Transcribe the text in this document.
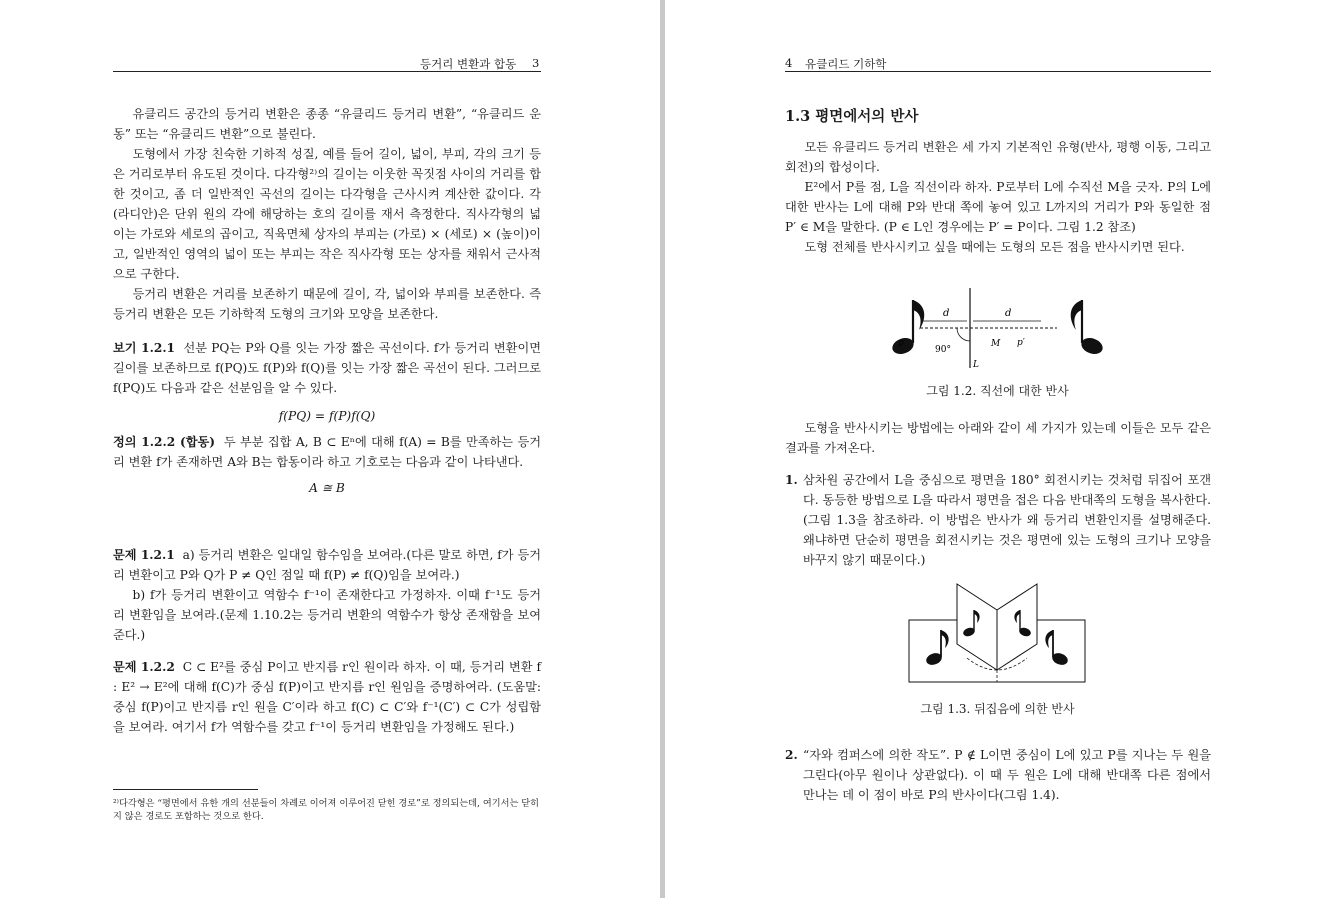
등거리 변환과 합동 3

유클리드 공간의 등거리 변환은 종종 “유클리드 등거리 변환”, “유클리드 운동” 또는 “유클리드 변환”으로 불린다.

도형에서 가장 친숙한 기하적 성질, 예를 들어 길이, 넓이, 부피, 각의 크기 등은 거리로부터 유도된 것이다. 다각형²⁾의 길이는 이웃한 꼭짓점 사이의 거리를 합한 것이고, 좀 더 일반적인 곡선의 길이는 다각형을 근사시켜 계산한 값이다. 각(라디안)은 단위 원의 각에 해당하는 호의 길이를 재서 측정한다. 직사각형의 넓이는 가로와 세로의 곱이고, 직육면체 상자의 부피는 (가로) × (세로) × (높이)이고, 일반적인 영역의 넓이 또는 부피는 작은 직사각형 또는 상자를 채워서 근사적으로 구한다.

등거리 변환은 거리를 보존하기 때문에 길이, 각, 넓이와 부피를 보존한다. 즉 등거리 변환은 모든 기하학적 도형의 크기와 모양을 보존한다.

보기 1.2.1 선분 PQ는 P와 Q를 잇는 가장 짧은 곡선이다. f가 등거리 변환이면 길이를 보존하므로 f(PQ)도 f(P)와 f(Q)를 잇는 가장 짧은 곡선이 된다. 그러므로 f(PQ)도 다음과 같은 선분임을 알 수 있다.

f(PQ) = f(P)f(Q)

정의 1.2.2 (합동) 두 부분 집합 A, B ⊂ Eⁿ에 대해 f(A) = B를 만족하는 등거리 변환 f가 존재하면 A와 B는 합동이라 하고 기호로는 다음과 같이 나타낸다.

A ≅ B

문제 1.2.1 a) 등거리 변환은 일대일 함수임을 보여라.(다른 말로 하면, f가 등거리 변환이고 P와 Q가 P ≠ Q인 점일 때 f(P) ≠ f(Q)임을 보여라.)

b) f가 등거리 변환이고 역함수 f⁻¹이 존재한다고 가정하자. 이때 f⁻¹도 등거리 변환임을 보여라.(문제 1.10.2는 등거리 변환의 역함수가 항상 존재함을 보여준다.)

문제 1.2.2 C ⊂ E²를 중심 P이고 반지름 r인 원이라 하자. 이 때, 등거리 변환 f : E² → E²에 대해 f(C)가 중심 f(P)이고 반지름 r인 원임을 증명하여라. (도움말: 중심 f(P)이고 반지름 r인 원을 C′이라 하고 f(C) ⊂ C′와 f⁻¹(C′) ⊂ C가 성립함을 보여라. 여기서 f가 역함수를 갖고 f⁻¹이 등거리 변환임을 가정해도 된다.)

²⁾다각형은 “평면에서 유한 개의 선분들이 차례로 이어져 이루어진 닫힌 경로”로 정의되는데, 여기서는 닫히지 않은 경로도 포함하는 것으로 한다.
4 유클리드 기하학
1.3 평면에서의 반사

모든 유클리드 등거리 변환은 세 가지 기본적인 유형(반사, 평행 이동, 그리고 회전)의 합성이다.

E²에서 P를 점, L을 직선이라 하자. P로부터 L에 수직선 M을 긋자. P의 L에 대한 반사는 L에 대해 P와 반대 쪽에 놓여 있고 L까지의 거리가 P와 동일한 점 P′ ∈ M을 말한다. (P ∈ L인 경우에는 P′ = P이다. 그림 1.2 참조)

도형 전체를 반사시키고 싶을 때에는 도형의 모든 점을 반사시키면 된다.

d	d
p	p′
90°
M
L
그림 1.2. 직선에 대한 반사

도형을 반사시키는 방법에는 아래와 같이 세 가지가 있는데 이들은 모두 같은 결과를 가져온다.

1. 삼차원 공간에서 L을 중심으로 평면을 180° 회전시키는 것처럼 뒤집어 포갠다. 동등한 방법으로 L을 따라서 평면을 접은 다음 반대쪽의 도형을 복사한다. (그림 1.3을 참조하라. 이 방법은 반사가 왜 등거리 변환인지를 설명해준다. 왜냐하면 단순히 평면을 회전시키는 것은 평면에 있는 도형의 크기나 모양을 바꾸지 않기 때문이다.)
그림 1.3. 뒤집음에 의한 반사
2. “자와 컴퍼스에 의한 작도”. P ∉ L이면 중심이 L에 있고 P를 지나는 두 원을 그린다(아무 원이나 상관없다). 이 때 두 원은 L에 대해 반대쪽 다른 점에서 만나는 데 이 점이 바로 P의 반사이다(그림 1.4).
